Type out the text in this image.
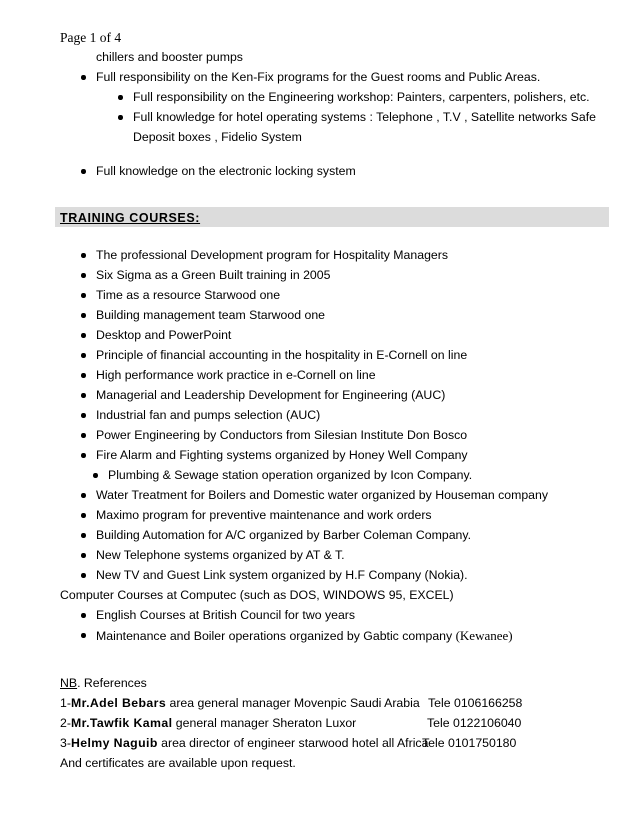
Page 1 of 4
chillers and booster pumps
Full responsibility on the Ken-Fix programs for the Guest rooms and Public Areas.
Full responsibility on the Engineering workshop: Painters, carpenters, polishers, etc.
Full knowledge for hotel operating systems : Telephone , T.V , Satellite networks Safe
Deposit boxes , Fidelio System
Full knowledge on the electronic locking system
TRAINING COURSES:
The professional Development program for Hospitality Managers
Six Sigma as a Green Built training in 2005
Time as a resource Starwood one
Building management team Starwood one
Desktop and PowerPoint
Principle of financial accounting in the hospitality in E-Cornell on line
High performance work practice in e-Cornell on line
Managerial and Leadership Development for Engineering (AUC)
Industrial fan and pumps selection (AUC)
Power Engineering by Conductors from Silesian Institute Don Bosco
Fire Alarm and Fighting systems organized by Honey Well Company
Plumbing & Sewage station operation organized by Icon Company.
Water Treatment for Boilers and Domestic water organized by Houseman company
Maximo program for preventive maintenance and work orders
Building Automation for A/C organized by Barber Coleman Company.
New Telephone systems organized by AT & T.
New TV and Guest Link system organized by H.F Company (Nokia).
Computer Courses at Computec (such as DOS, WINDOWS 95, EXCEL)
English Courses at British Council for two years
Maintenance and Boiler operations organized by Gabtic company (Kewanee)
NB. References
1-Mr.Adel Bebars area general manager Movenpic Saudi Arabia Tele 0106166258
2-Mr.Tawfik Kamal general manager Sheraton Luxor	Tele 0122106040
3-Helmy Naguib area director of engineer starwood hotel all Africa
Tele 0101750180
And certificates are available upon request.
